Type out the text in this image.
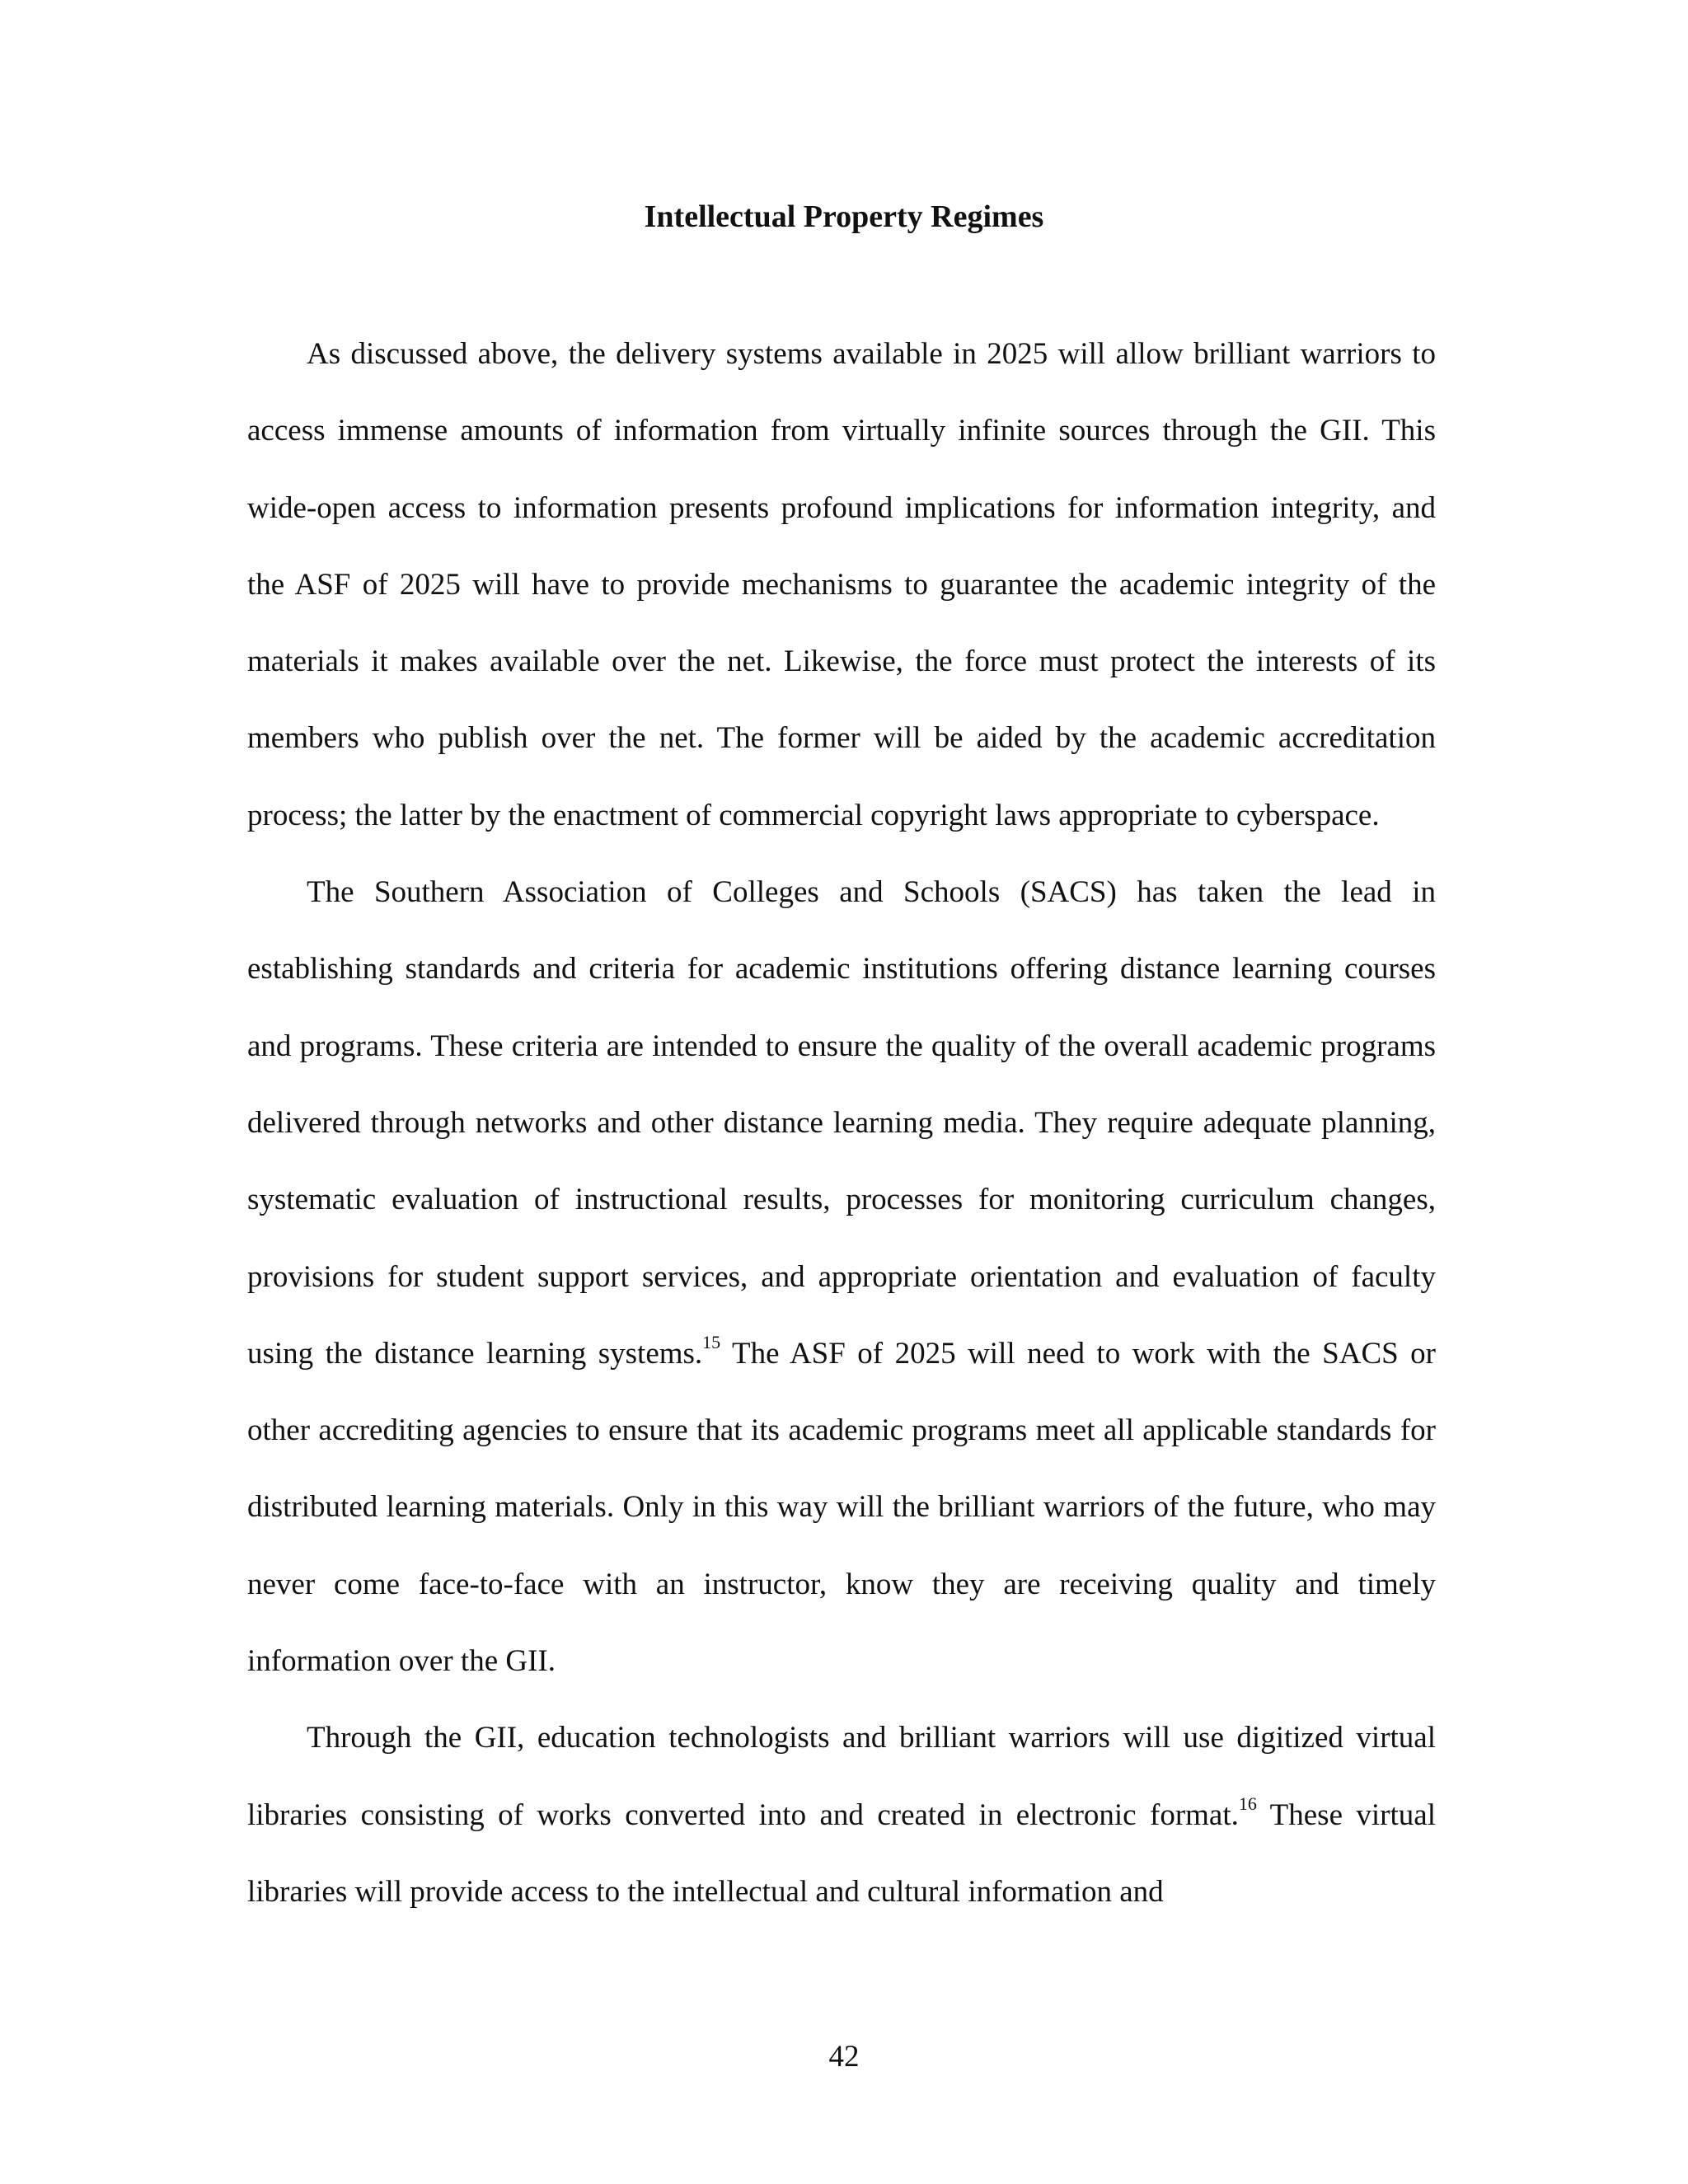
Intellectual Property Regimes

As discussed above, the delivery systems available in 2025 will allow brilliant warriors to access immense amounts of information from virtually infinite sources through the GII. This wide-open access to information presents profound implications for information integrity, and the ASF of 2025 will have to provide mechanisms to guarantee the academic integrity of the materials it makes available over the net. Likewise, the force must protect the interests of its members who publish over the net. The former will be aided by the academic accreditation process; the latter by the enactment of commercial copyright laws appropriate to cyberspace.

The Southern Association of Colleges and Schools (SACS) has taken the lead in establishing standards and criteria for academic institutions offering distance learning courses and programs. These criteria are intended to ensure the quality of the overall academic programs delivered through networks and other distance learning media. They require adequate planning, systematic evaluation of instructional results, processes for monitoring curriculum changes, provisions for student support services, and appropriate orientation and evaluation of faculty using the distance learning systems.$^{15}$ The ASF of 2025 will need to work with the SACS or other accrediting agencies to ensure that its academic programs meet all applicable standards for distributed learning materials. Only in this way will the brilliant warriors of the future, who may never come face-to-face with an instructor, know they are receiving quality and timely information over the GII.

Through the GII, education technologists and brilliant warriors will use digitized virtual libraries consisting of works converted into and created in electronic format.$^{16}$ These virtual libraries will provide access to the intellectual and cultural information and

42
